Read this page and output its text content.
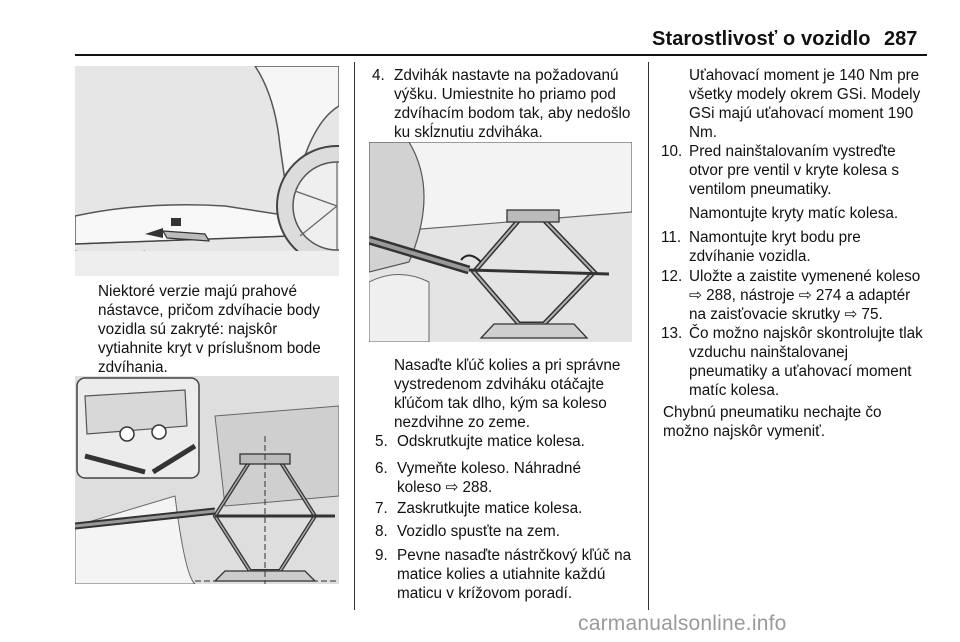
Starostlivosť o vozidlo 287

Niektoré verzie majú prahové nástavce, pričom zdvíhacie body vozidla sú zakryté: najskôr vytiahnite kryt v príslušnom bode zdvíhania.

4. Zdvihák nastavte na požadovanú výšku. Umiestnite ho priamo pod zdvíhacím bodom tak, aby nedošlo ku skĺznutiu zdviháka.

Nasaďte kľúč kolies a pri správne vystredenom zdviháku otáčajte kľúčom tak dlho, kým sa koleso nezdvihne zo zeme.

5. Odskrutkujte matice kolesa.
6. Vymeňte koleso. Náhradné koleso ⇨ 288.
7. Zaskrutkujte matice kolesa.
8. Vozidlo spusťte na zem.
9. Pevne nasaďte nástrčkový kľúč na matice kolies a utiahnite každú maticu v krížovom poradí.

Uťahovací moment je 140 Nm pre všetky modely okrem GSi. Modely GSi majú uťahovací moment 190 Nm.

10. Pred nainštalovaním vystreďte otvor pre ventil v kryte kolesa s ventilom pneumatiky.

Namontujte kryty matíc kolesa.

11. Namontujte kryt bodu pre zdvíhanie vozidla.
12. Uložte a zaistite vymenené koleso ⇨ 288, nástroje ⇨ 274 a adaptér na zaisťovacie skrutky ⇨ 75.
13. Čo možno najskôr skontrolujte tlak vzduchu nainštalovanej pneumatiky a uťahovací moment matíc kolesa.

Chybnú pneumatiku nechajte čo možno najskôr vymeniť.

carmanualsonline.info
